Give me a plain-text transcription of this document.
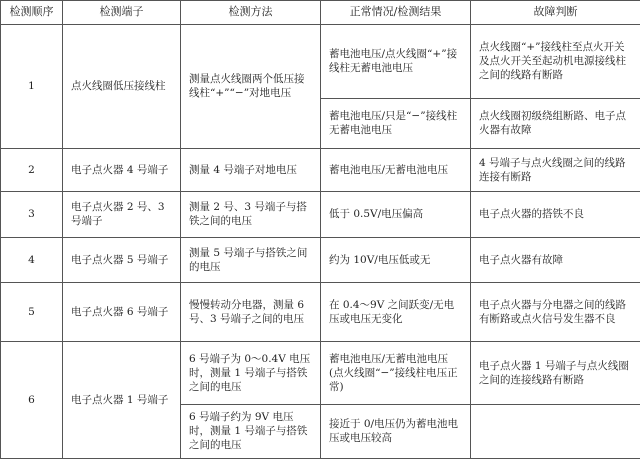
检测顺序	检测端子	检测方法	正常情况/检测结果	故障判断
1	点火线圈低压接线柱	测量点火线圈两个低压接线柱“+”“−”对地电压	蓄电池电压/点火线圈“+”接线柱无蓄电池电压	点火线圈“+”接线柱至点火开关及点火开关至起动机电源接线柱之间的线路有断路
			蓄电池电压/只是“−”接线柱无蓄电池电压	点火线圈初级绕组断路、电子点火器有故障
2	电子点火器 4 号端子	测量 4 号端子对地电压	蓄电池电压/无蓄电池电压	4 号端子与点火线圈之间的线路连接有断路
3	电子点火器 2 号、3 号端子	测量 2 号、3 号端子与搭铁之间的电压	低于 0.5V/电压偏高	电子点火器的搭铁不良
4	电子点火器 5 号端子	测量 5 号端子与搭铁之间的电压	约为 10V/电压低或无	电子点火器有故障
5	电子点火器 6 号端子	慢慢转动分电器，测量 6 号、3 号端子之间的电压	在 0.4～9V 之间跃变/无电压或电压无变化	电子点火器与分电器之间的线路有断路或点火信号发生器不良
6	电子点火器 1 号端子	6 号端子为 0～0.4V 电压时，测量 1 号端子与搭铁之间的电压	蓄电池电压/无蓄电池电压(点火线圈“−”接线柱电压正常)	电子点火器 1 号端子与点火线圈之间的连接线路有断路
		6 号端子约为 9V 电压时，测量 1 号端子与搭铁之间的电压	接近于 0/电压仍为蓄电池电压或电压较高	
